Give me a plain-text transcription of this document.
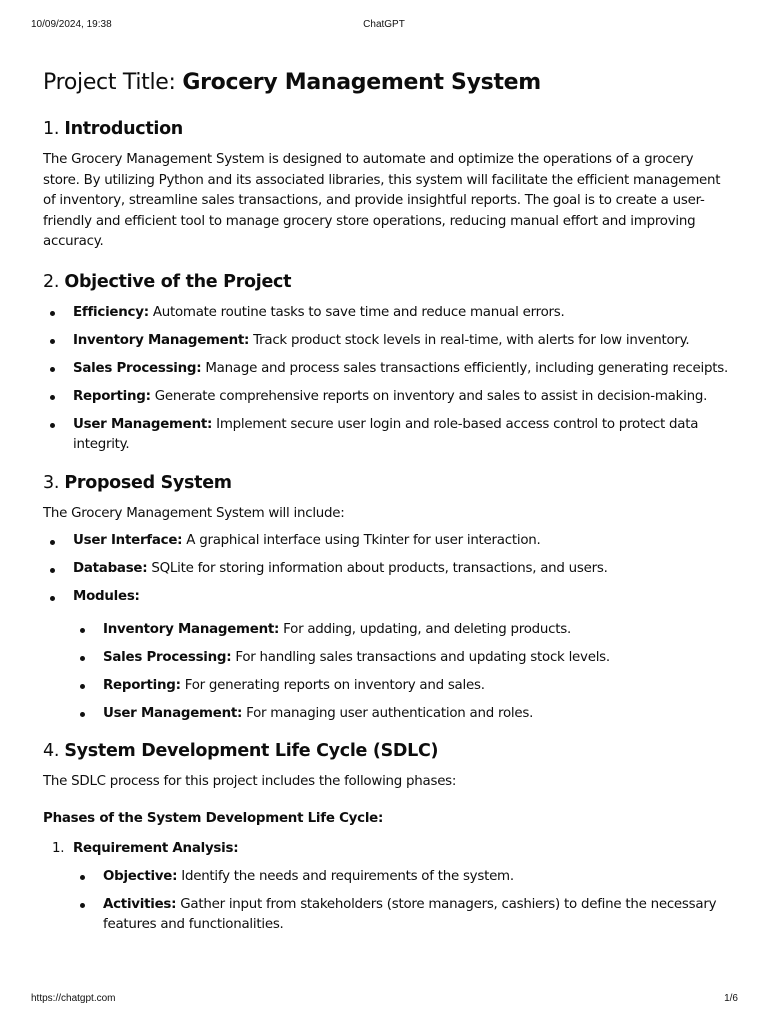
10/09/2024, 19:38	ChatGPT
Project Title: Grocery Management System
1. Introduction

The Grocery Management System is designed to automate and optimize the operations of a grocery store. By utilizing Python and its associated libraries, this system will facilitate the efficient management of inventory, streamline sales transactions, and provide insightful reports. The goal is to create a user-friendly and efficient tool to manage grocery store operations, reducing manual effort and improving accuracy.

2. Objective of the Project
Efficiency: Automate routine tasks to save time and reduce manual errors.
Inventory Management: Track product stock levels in real-time, with alerts for low inventory.
Sales Processing: Manage and process sales transactions efficiently, including generating receipts.
Reporting: Generate comprehensive reports on inventory and sales to assist in decision-making.
User Management: Implement secure user login and role-based access control to protect data integrity.
3. Proposed System

The Grocery Management System will include:

User Interface: A graphical interface using Tkinter for user interaction.
Database: SQLite for storing information about products, transactions, and users.
Modules:
Inventory Management: For adding, updating, and deleting products.
Sales Processing: For handling sales transactions and updating stock levels.
Reporting: For generating reports on inventory and sales.
User Management: For managing user authentication and roles.
4. System Development Life Cycle (SDLC)

The SDLC process for this project includes the following phases:

Phases of the System Development Life Cycle:
1. Requirement Analysis:
Objective: Identify the needs and requirements of the system.
Activities: Gather input from stakeholders (store managers, cashiers) to define the necessary features and functionalities.
https://chatgpt.com	1/6
